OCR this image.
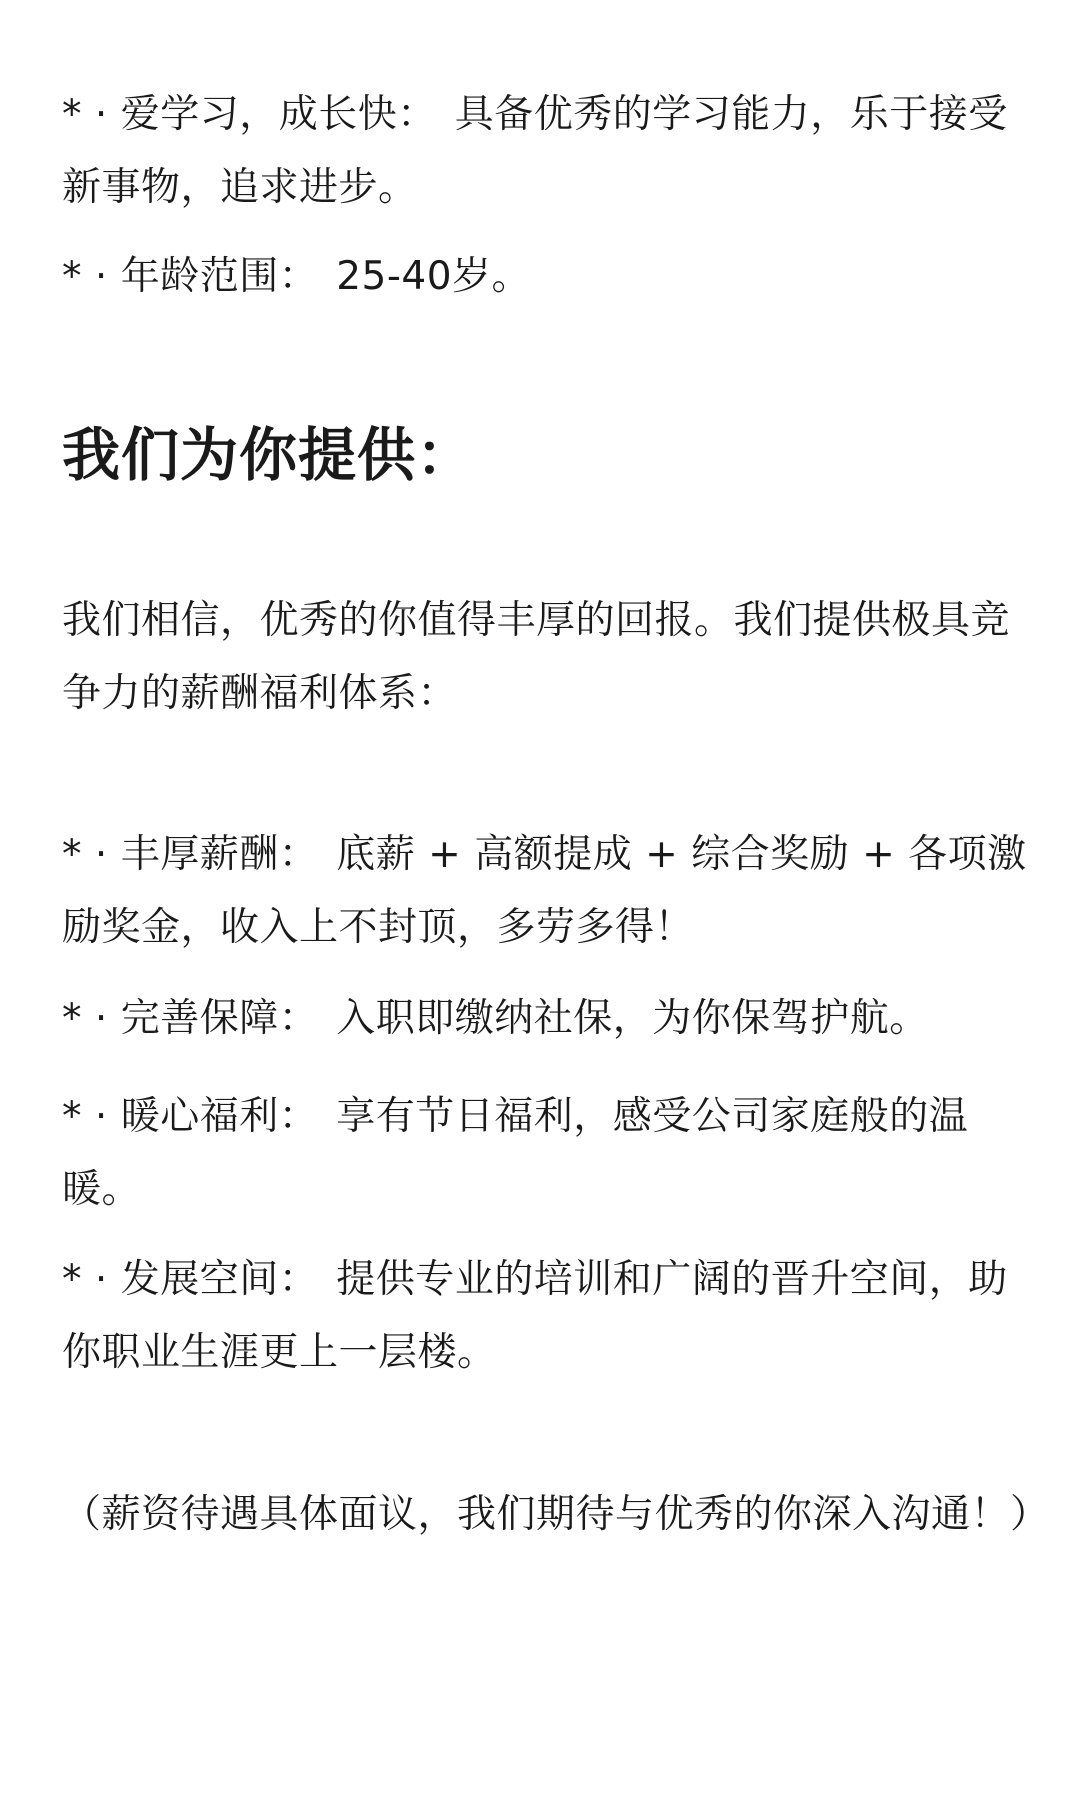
* · 爱学习，成长快： 具备优秀的学习能力，乐于接受新事物，追求进步。

* · 年龄范围： 25-40岁。

我们为你提供：

我们相信，优秀的你值得丰厚的回报。我们提供极具竞争力的薪酬福利体系：

* · 丰厚薪酬： 底薪 + 高额提成 + 综合奖励 + 各项激励奖金，收入上不封顶，多劳多得！

* · 完善保障： 入职即缴纳社保，为你保驾护航。

* · 暖心福利： 享有节日福利，感受公司家庭般的温暖。

* · 发展空间： 提供专业的培训和广阔的晋升空间，助你职业生涯更上一层楼。

（薪资待遇具体面议，我们期待与优秀的你深入沟通！）
